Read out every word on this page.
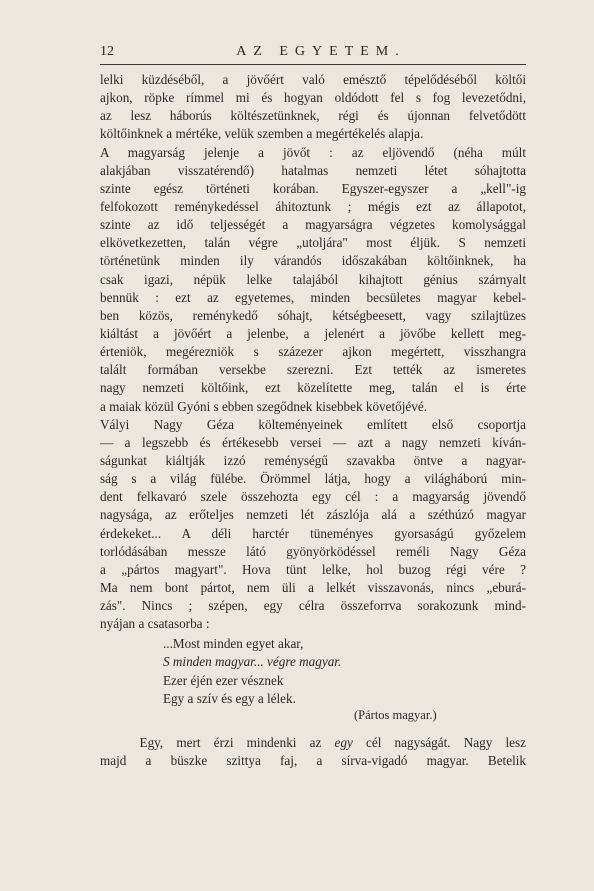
12	AZ EGYETEM.
lelki küzdéséből, a jövőért való emésztő tépelődéséből költői
ajkon, röpke rímmel mi és hogyan oldódott fel s fog levezetődni,
az lesz háborús költészetünknek, régi és újonnan felvetődött
költőinknek a mértéke, velük szemben a megértékelés alapja.
A magyarság jelenje a jövőt : az eljövendő (néha múlt
alakjában visszatérendő) hatalmas nemzeti létet sóhajtotta
szinte egész történeti korában. Egyszer-egyszer a „kell"-ig
felfokozott reménykedéssel áhitoztunk ; mégis ezt az állapotot,
szinte az idő teljességét a magyarságra végzetes komolysággal
elkövetkezetten, talán végre „utoljára" most éljük. S nemzeti
történetünk minden ily várandós időszakában költőinknek, ha
csak igazi, népük lelke talajából kihajtott génius szárnyalt
bennük : ezt az egyetemes, minden becsületes magyar kebel-
ben közös, reménykedő sóhajt, kétségbeesett, vagy szilajtüzes
kiáltást a jövőért a jelenbe, a jelenért a jövőbe kellett meg-
érteniök, megérezniök s százezer ajkon megértett, visszhangra
talált formában versekbe szerezni. Ezt tették az ismeretes
nagy nemzeti költőink, ezt közelítette meg, talán el is érte
a maiak közül Gyóni s ebben szegődnek kisebbek követőjévé.
Vályi Nagy Géza költeményeinek említett első csoportja
— a legszebb és értékesebb versei — azt a nagy nemzeti kíván-
ságunkat kiáltják izzó reménységű szavakba öntve a nagyar-
ság s a világ fülébe. Örömmel látja, hogy a világháború min-
dent felkavaró szele összehozta egy cél : a magyarság jövendő
nagysága, az erőteljes nemzeti lét zászlója alá a széthúzó magyar
érdekeket... A déli harctér tüneményes gyorsaságú győzelem
torlódásában messze látó gyönyörködéssel reméli Nagy Géza
a „pártos magyart". Hova tünt lelke, hol buzog régi vére ?
Ma nem bont pártot, nem üli a lelkét visszavonás, nincs „eburá-
zás". Nincs ; szépen, egy célra összeforrva sorakozunk mind-
nyájan a csatasorba :
...Most minden egyet akar,
S minden magyar... végre magyar.
Ezer éjén ezer vésznek
Egy a szív és egy a lélek.
(Pártos magyar.)
Egy, mert érzi mindenki az egy cél nagyságát. Nagy lesz
majd a büszke szittya faj, a sírva-vigadó magyar. Betelik
